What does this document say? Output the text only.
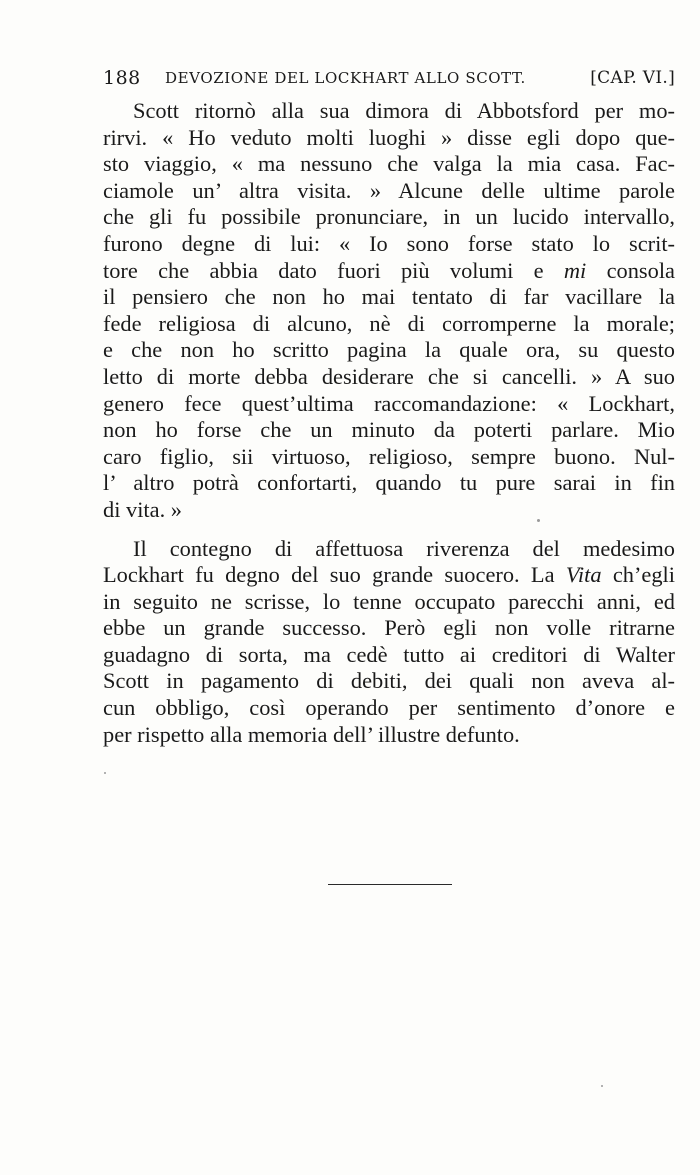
188 DEVOZIONE DEL LOCKHART ALLO SCOTT.	[CAP. VI.]
Scott ritornò alla sua dimora di Abbotsford per mo-
rirvi. « Ho veduto molti luoghi » disse egli dopo que-
sto viaggio, « ma nessuno che valga la mia casa. Fac-
ciamole un’ altra visita. » Alcune delle ultime parole
che gli fu possibile pronunciare, in un lucido intervallo,
furono degne di lui: « Io sono forse stato lo scrit-
tore che abbia dato fuori più volumi e mi consola
il pensiero che non ho mai tentato di far vacillare la
fede religiosa di alcuno, nè di corromperne la morale;
e che non ho scritto pagina la quale ora, su questo
letto di morte debba desiderare che si cancelli. » A suo
genero fece quest’ultima raccomandazione: « Lockhart,
non ho forse che un minuto da poterti parlare. Mio
caro figlio, sii virtuoso, religioso, sempre buono. Nul-
l’ altro potrà confortarti, quando tu pure sarai in fin
di vita. »
Il contegno di affettuosa riverenza del medesimo
Lockhart fu degno del suo grande suocero. La Vita ch’egli
in seguito ne scrisse, lo tenne occupato parecchi anni, ed
ebbe un grande successo. Però egli non volle ritrarne
guadagno di sorta, ma cedè tutto ai creditori di Walter
Scott in pagamento di debiti, dei quali non aveva al-
cun obbligo, così operando per sentimento d’onore e
per rispetto alla memoria dell’ illustre defunto.
